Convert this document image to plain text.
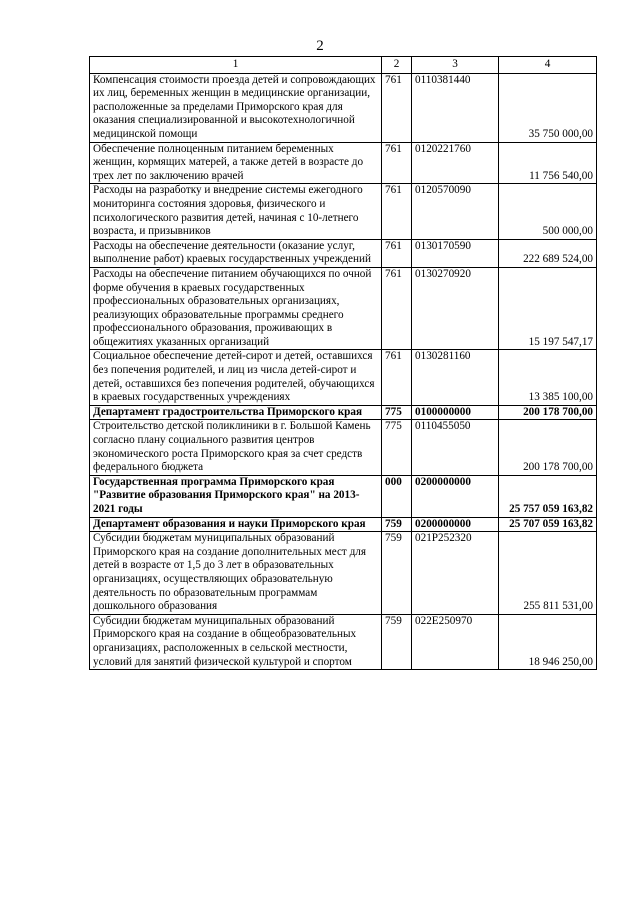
2
1	2	3	4
Компенсация стоимости проезда детей и сопровождающих их лиц, беременных женщин в медицинские организации, расположенные за пределами Приморского края для оказания специализированной и высокотехнологичной медицинской помощи	761	0110381440	35 750 000,00
Обеспечение полноценным питанием беременных женщин, кормящих матерей, а также детей в возрасте до трех лет по заключению врачей	761	0120221760	11 756 540,00
Расходы на разработку и внедрение системы ежегодного мониторинга состояния здоровья, физического и психологического развития детей, начиная с 10-летнего возраста, и призывников	761	0120570090	500 000,00
Расходы на обеспечение деятельности (оказание услуг, выполнение работ) краевых государственных учреждений	761	0130170590	222 689 524,00
Расходы на обеспечение питанием обучающихся по очной форме обучения в краевых государственных профессиональных образовательных организациях, реализующих образовательные программы среднего профессионального образования, проживающих в общежитиях указанных организаций	761	0130270920	15 197 547,17
Социальное обеспечение детей-сирот и детей, оставшихся без попечения родителей, и лиц из числа детей-сирот и детей, оставшихся без попечения родителей, обучающихся в краевых государственных учреждениях	761	0130281160	13 385 100,00
Департамент градостроительства Приморского края	775	0100000000	200 178 700,00
Строительство детской поликлиники в г. Большой Камень согласно плану социального развития центров экономического роста Приморского края за счет средств федерального бюджета	775	0110455050	200 178 700,00
Государственная программа Приморского края "Развитие образования Приморского края" на 2013-2021 годы	000	0200000000	25 757 059 163,82
Департамент образования и науки Приморского края	759	0200000000	25 707 059 163,82
Субсидии бюджетам муниципальных образований Приморского края на создание дополнительных мест для детей в возрасте от 1,5 до 3 лет в образовательных организациях, осуществляющих образовательную деятельность по образовательным программам дошкольного образования	759	021P252320	255 811 531,00
Субсидии бюджетам муниципальных образований Приморского края на создание в общеобразовательных организациях, расположенных в сельской местности, условий для занятий физической культурой и спортом	759	022E250970	18 946 250,00
